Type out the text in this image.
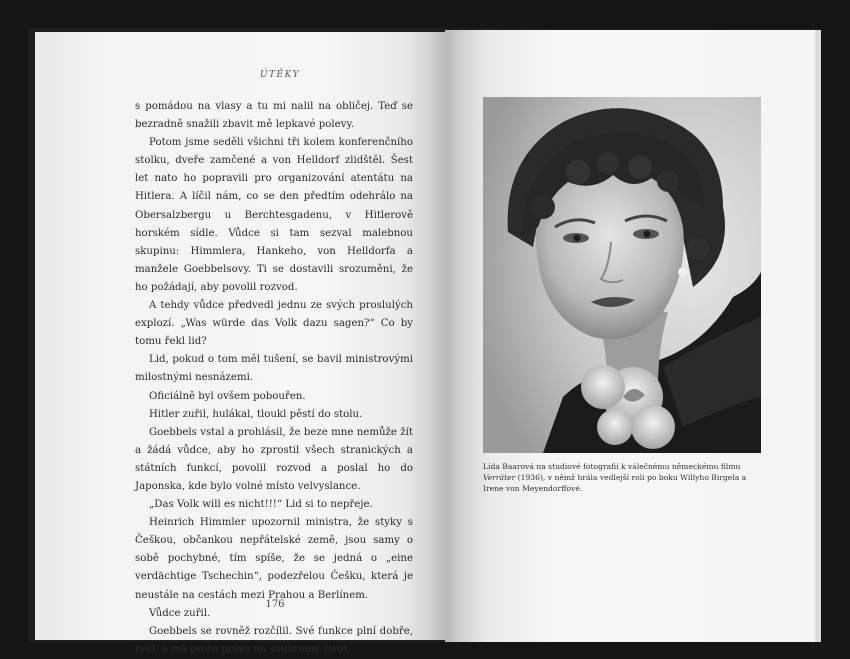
ÚTĚKY

s pomádou na vlasy a tu mi nalil na obličej. Teď se bezradně snažili zbavit mě lepkavé polevy.

Potom jsme seděli všichni tři kolem konferenčního stolku, dveře zamčené a von Helldorf zlidštěl. Šest let nato ho popravili pro organizování atentátu na Hitlera. A líčil nám, co se den předtím odehrálo na Obersalzbergu u Berchtesgadenu, v Hitlerově horském sídle. Vůdce si tam sezval malebnou skupinu: Himmlera, Hankeho, von Helldorfa a manžele Goebbelsovy. Ti se dostavili srozuměni, že ho požádají, aby povolil rozvod.

A tehdy vůdce předvedl jednu ze svých proslulých explozí. „Was würde das Volk dazu sagen?“ Co by tomu řekl lid?

Lid, pokud o tom měl tušení, se bavil ministrovými milostnými nesnázemi.

Oficiálně byl ovšem pobouřen.

Hitler zuřil, hulákal, tloukl pěstí do stolu.

Goebbels vstal a prohlásil, že beze mne nemůže žít a žádá vůdce, aby ho zprostil všech stranických a státních funkcí, povolil rozvod a poslal ho do Japonska, kde bylo volné místo velvyslance.

„Das Volk will es nicht!!!“ Lid si to nepřeje.

Heinrich Himmler upozornil ministra, že styky s Češkou, občankou nepřátelské země, jsou samy o sobě pochybné, tím spíše, že se jedná o „eine verdächtige Tschechin“, podezřelou Češku, která je neustále na cestách mezi Prahou a Berlínem.

Vůdce zuřil.

Goebbels se rovněž rozčílil. Své funkce plní dobře, řekl, a má proto právo na soukromý život.

176
Lída Baarová na studiové fotografii k válečnému německému filmu Verräter (1936), v němž hrála vedlejší roli po boku Willyho Birgela a Irene von Meyendorffové.
